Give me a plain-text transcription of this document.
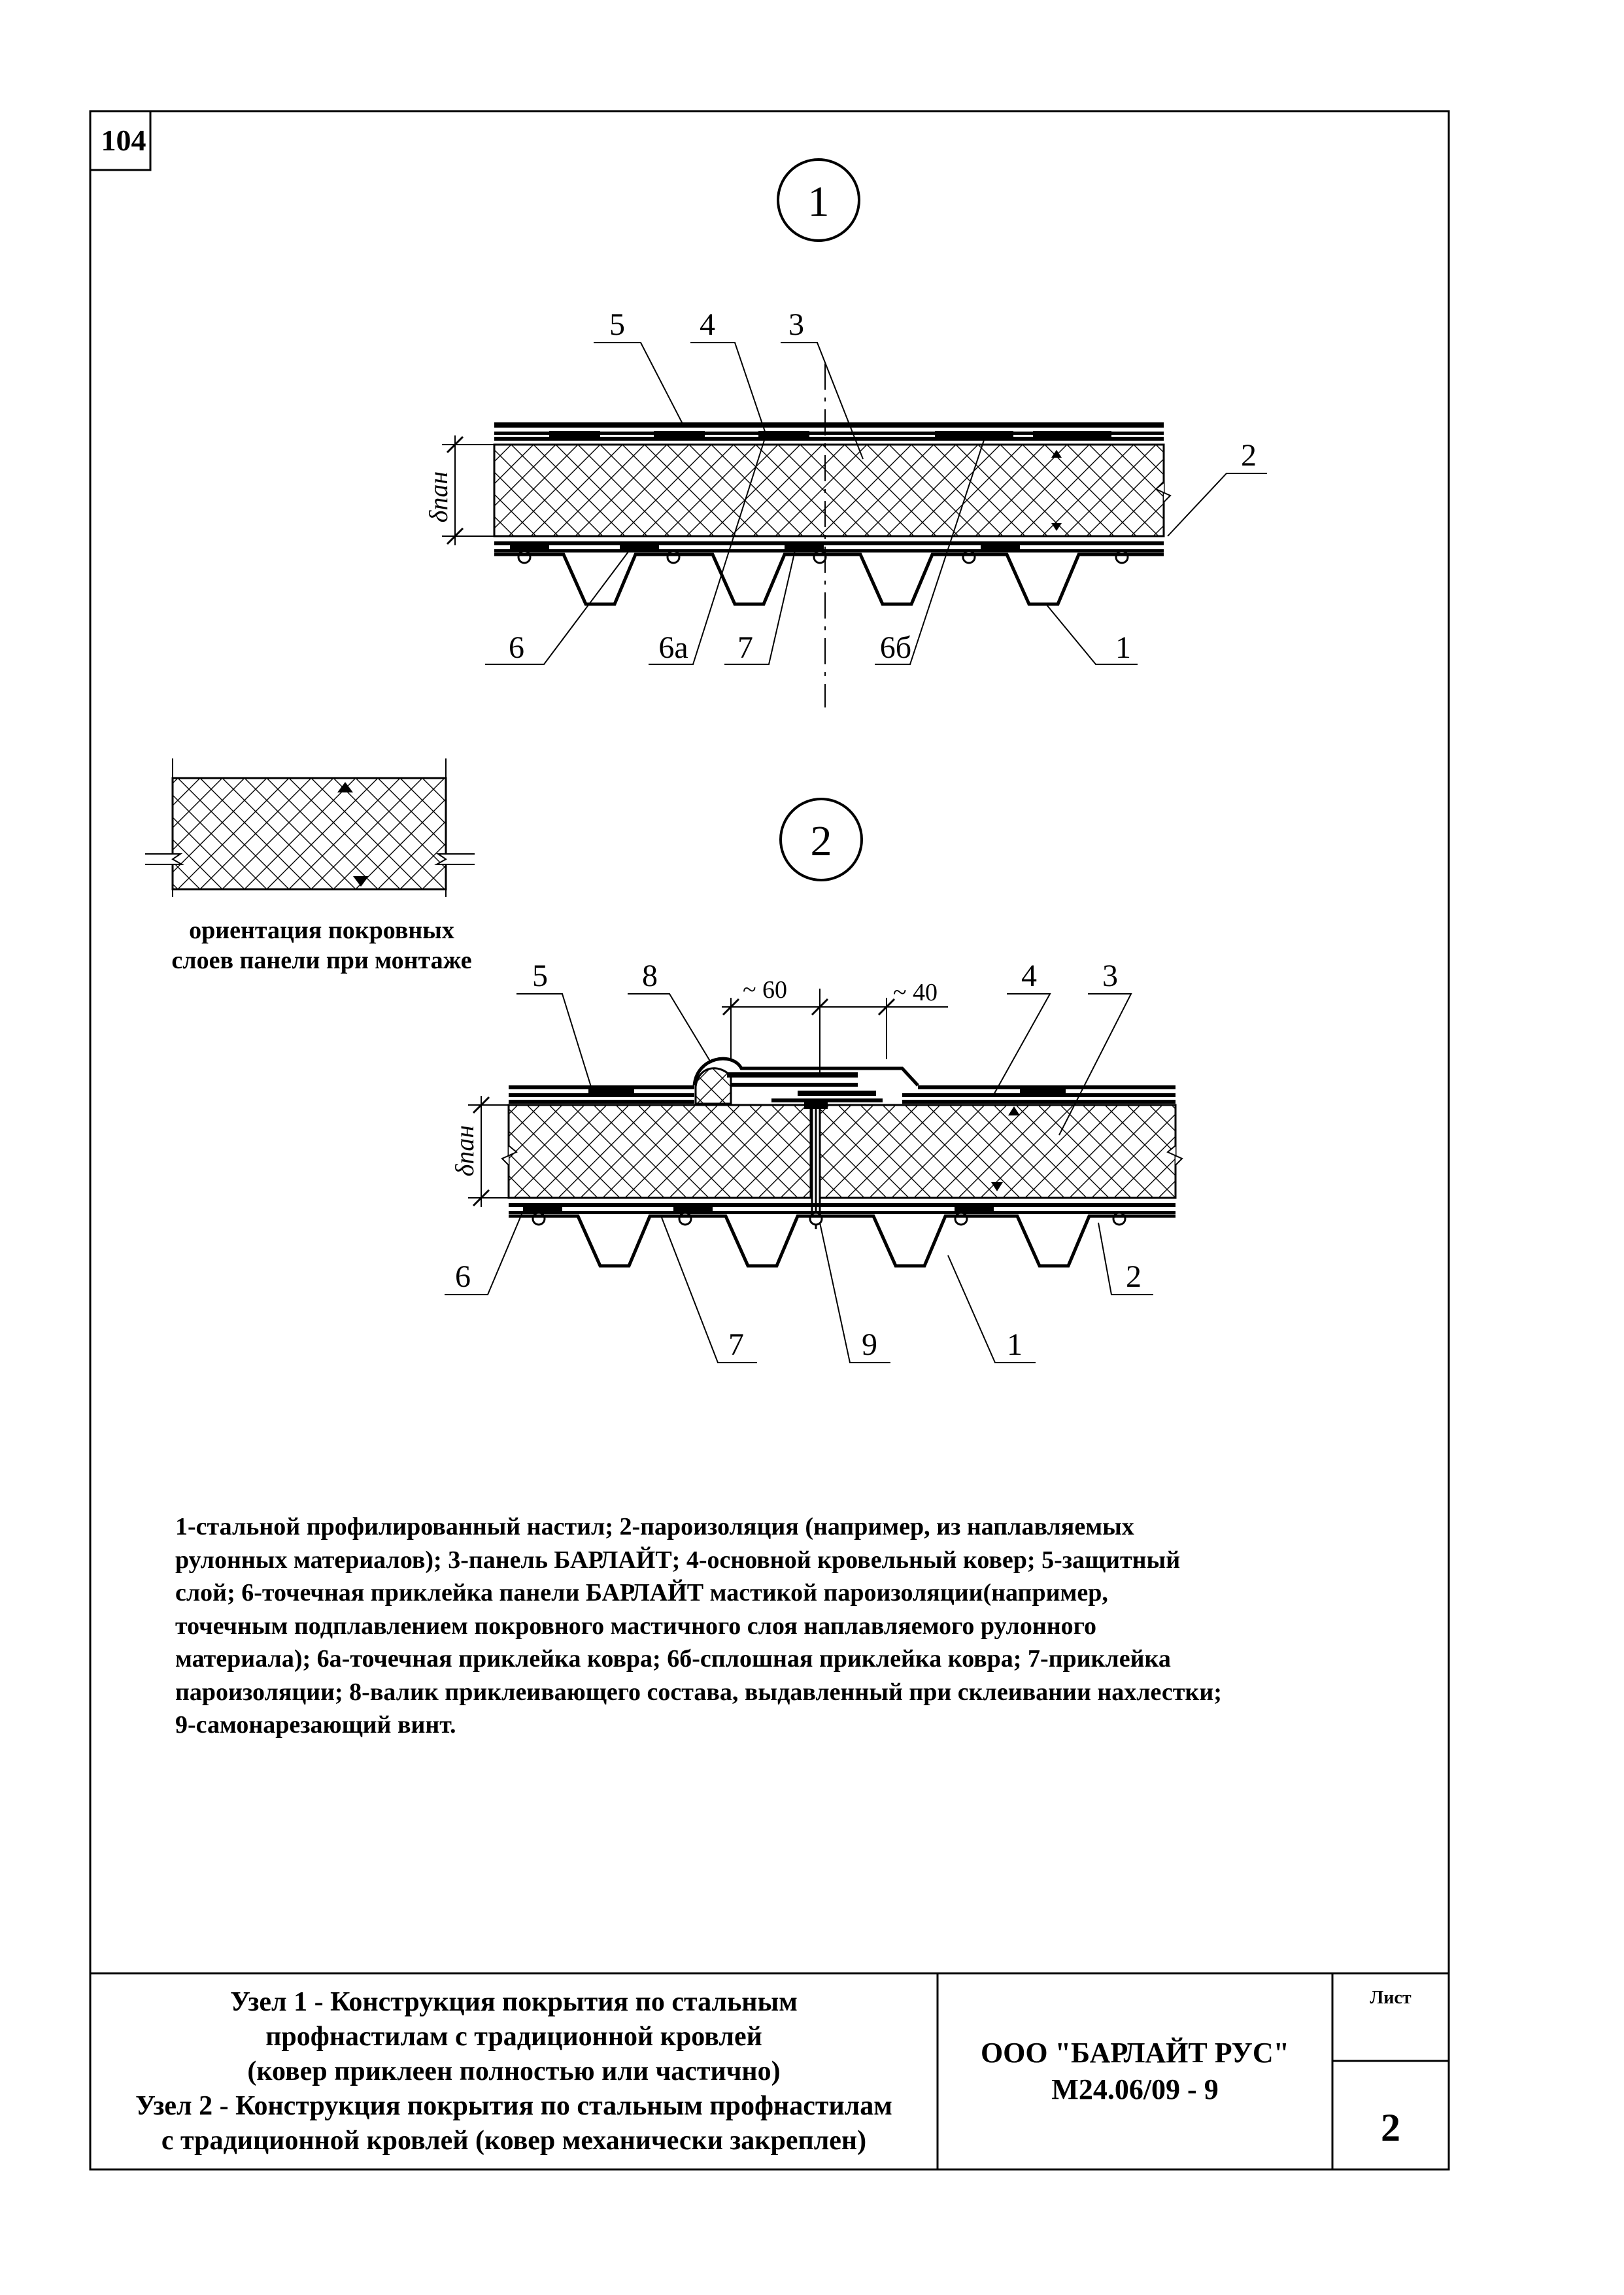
1
δпан
5 4 3
2
6	6а 7	6б	1
2
δпан
~ 60	~ 40
5	8	4 3
6
7	9	1
2
104
ориентация покровных
слоев панели при монтаже
1-стальной профилированный настил; 2-пароизоляция (например, из наплавляемых
рулонных материалов); 3-панель БАРЛАЙТ; 4-основной кровельный ковер; 5-защитный
слой; 6-точечная приклейка панели БАРЛАЙТ мастикой пароизоляции(например,
точечным подплавлением покровного мастичного слоя наплавляемого рулонного
материала); 6а-точечная приклейка ковра; 6б-сплошная приклейка ковра; 7-приклейка
пароизоляции; 8-валик приклеивающего состава, выдавленный при склеивании нахлестки;
9-самонарезающий винт.
Узел 1 - Конструкция покрытия по стальным
профнастилам с традиционной кровлей
(ковер приклеен полностью или частично)
Узел 2 - Конструкция покрытия по стальным профнастилам
с традиционной кровлей (ковер механически закреплен)
ООО "БАРЛАЙТ РУС"
М24.06/09 - 9
Лист
2
